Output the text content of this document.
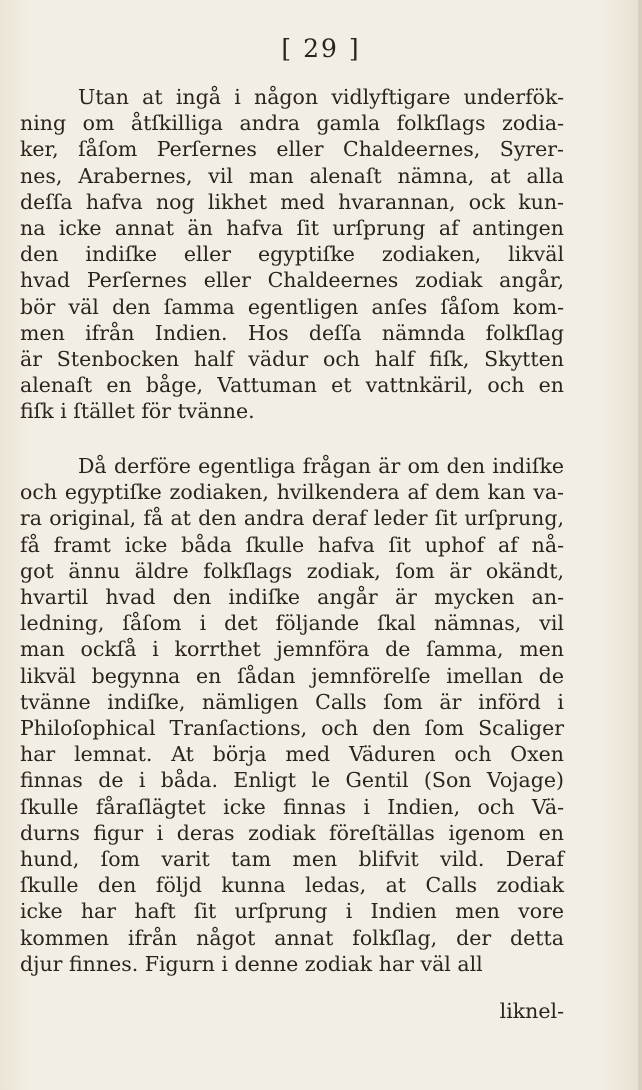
[ 29 ]
Utan at ingå i någon vidlyftigare underfök-
ning om åtſkilliga andra gamla folkſlags zodia-
ker, ſåſom Perſernes eller Chaldeernes, Syrer-
nes, Arabernes, vil man alenaſt nämna, at alla
deſſa hafva nog likhet med hvarannan, ock kun-
na icke annat än hafva ſit urſprung af antingen
den indiſke eller egyptiſke zodiaken, likväl
hvad Perſernes eller Chaldeernes zodiak angår,
bör väl den ſamma egentligen anſes ſåſom kom-
men ifrån Indien. Hos deſſa nämnda folkſlag
är Stenbocken half vädur och half fiſk, Skytten
alenaſt en båge, Vattuman et vattnkäril, och en
fiſk i ſtället för tvänne.
Då derföre egentliga frågan är om den indiſke
och egyptiſke zodiaken, hvilkendera af dem kan va-
ra original, få at den andra deraf leder ſit urſprung,
få framt icke båda ſkulle hafva ſit uphof af nå-
got ännu äldre folkſlags zodiak, ſom är okändt,
hvartil hvad den indiſke angår är mycken an-
ledning, ſåſom i det följande ſkal nämnas, vil
man ockſå i korrthet jemnföra de ſamma, men
likväl begynna en ſådan jemnförelſe imellan de
tvänne indiſke, nämligen Calls ſom är införd i
Philoſophical Tranſactions, och den ſom Scaliger
har lemnat. At börja med Väduren och Oxen
finnas de i båda. Enligt le Gentil (Son Vojage)
ſkulle fåraſlägtet icke finnas i Indien, och Vä-
durns figur i deras zodiak föreſtällas igenom en
hund, ſom varit tam men blifvit vild. Deraf
ſkulle den följd kunna ledas, at Calls zodiak
icke har haft ſit urſprung i Indien men vore
kommen ifrån något annat folkſlag, der detta
djur finnes. Figurn i denne zodiak har väl all
liknel-
